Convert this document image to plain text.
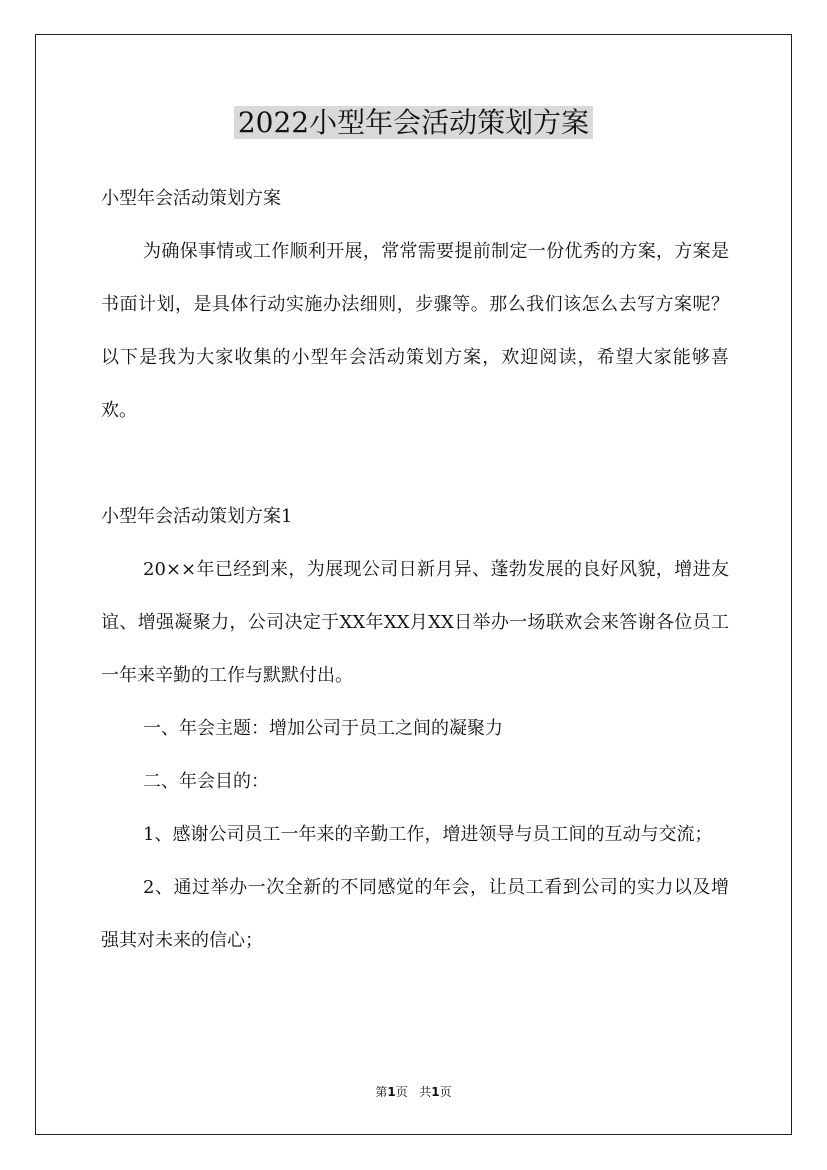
2022小型年会活动策划方案

小型年会活动策划方案

为确保事情或工作顺利开展，常常需要提前制定一份优秀的方案，方案是书面计划，是具体行动实施办法细则，步骤等。那么我们该怎么去写方案呢？以下是我为大家收集的小型年会活动策划方案，欢迎阅读，希望大家能够喜欢。

小型年会活动策划方案1

20××年已经到来，为展现公司日新月异、蓬勃发展的良好风貌，增进友谊、增强凝聚力，公司决定于XX年XX月XX日举办一场联欢会来答谢各位员工一年来辛勤的工作与默默付出。

一、年会主题：增加公司于员工之间的凝聚力

二、年会目的：

1、感谢公司员工一年来的辛勤工作，增进领导与员工间的互动与交流；

2、通过举办一次全新的不同感觉的年会，让员工看到公司的实力以及增强其对未来的信心；

第1页 共1页
